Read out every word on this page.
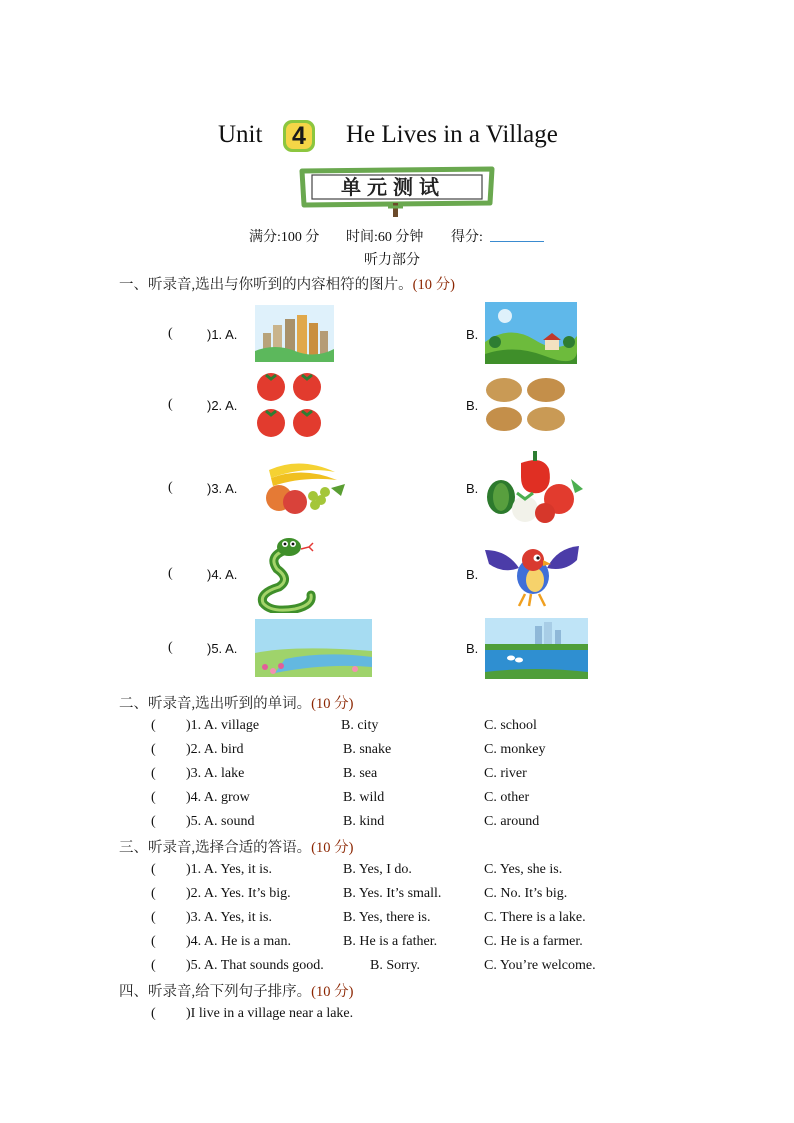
Unit	4	He Lives in a Village
单元测试
满分:100 分 时间:60 分钟 得分:
听力部分
一、听录音,选出与你听到的内容相符的图片。(10 分)
(	)1. A.	B.
(	)2. A.	B.
(	)3. A.	B.
(	)4. A.	B.
(	)5. A.	B.
二、听录音,选出听到的单词。(10 分)
( )1. A. village	B. city	C. school
( )2. A. bird	B. snake	C. monkey
( )3. A. lake	B. sea	C. river
( )4. A. grow	B. wild	C. other
( )5. A. sound	B. kind	C. around
三、听录音,选择合适的答语。(10 分)
( )1. A. Yes, it is.	B. Yes, I do.	C. Yes, she is.
( )2. A. Yes. It’s big.	B. Yes. It’s small.	C. No. It’s big.
( )3. A. Yes, it is.	B. Yes, there is.	C. There is a lake.
( )4. A. He is a man.	B. He is a father.	C. He is a farmer.
( )5. A. That sounds good.	B. Sorry.	C. You’re welcome.
四、听录音,给下列句子排序。(10 分)
( )I live in a village near a lake.
